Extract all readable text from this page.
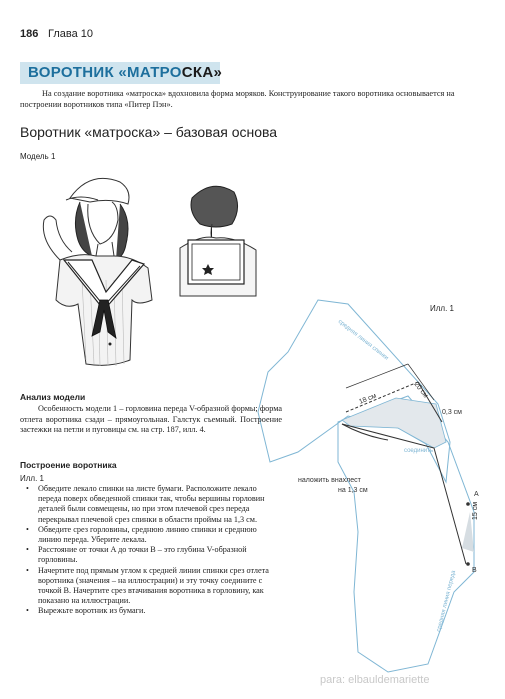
186 Глава 10
ВОРОТНИК «МАТРОСКА»
На создание воротника «матроска» вдохновила форма моряков. Конструирование такого воротника основывается на построении воротников типа «Питер Пэн».
Воротник «матроска» – базовая основа
Модель 1
средняя линия спинки
18 см	20 см
0,3 см
соединить
наложить внахлест
на 1,3 см
A
B
средняя линия переда
15 см
Илл. 1
Анализ модели
Особенность модели 1 – горловина переда V-образной формы; форма отлета воротника сзади – прямоугольная. Галстук съемный. Построение застежки на петли и пуговицы см. на стр. 187, илл. 4.
Построение воротника
Илл. 1
• Обведите лекало спинки на листе бумаги. Расположите лекало переда поверх обведенной спинки так, чтобы вершины горловин деталей были совмещены, но при этом плечевой срез переда перекрывал плечевой срез спинки в области проймы на 1,3 см.
• Обведите срез горловины, среднюю линию спинки и среднюю линию переда. Уберите лекала.
• Расстояние от точки A до точки B – это глубина V-образной горловины.
• Начертите под прямым углом к средней линии спинки срез отлета воротника (значения – на иллюстрации) и эту точку соедините с точкой B. Начертите срез втачивания воротника в горловину, как показано на иллюстрации.
• Вырежьте воротник из бумаги.
para: elbauldemariette
